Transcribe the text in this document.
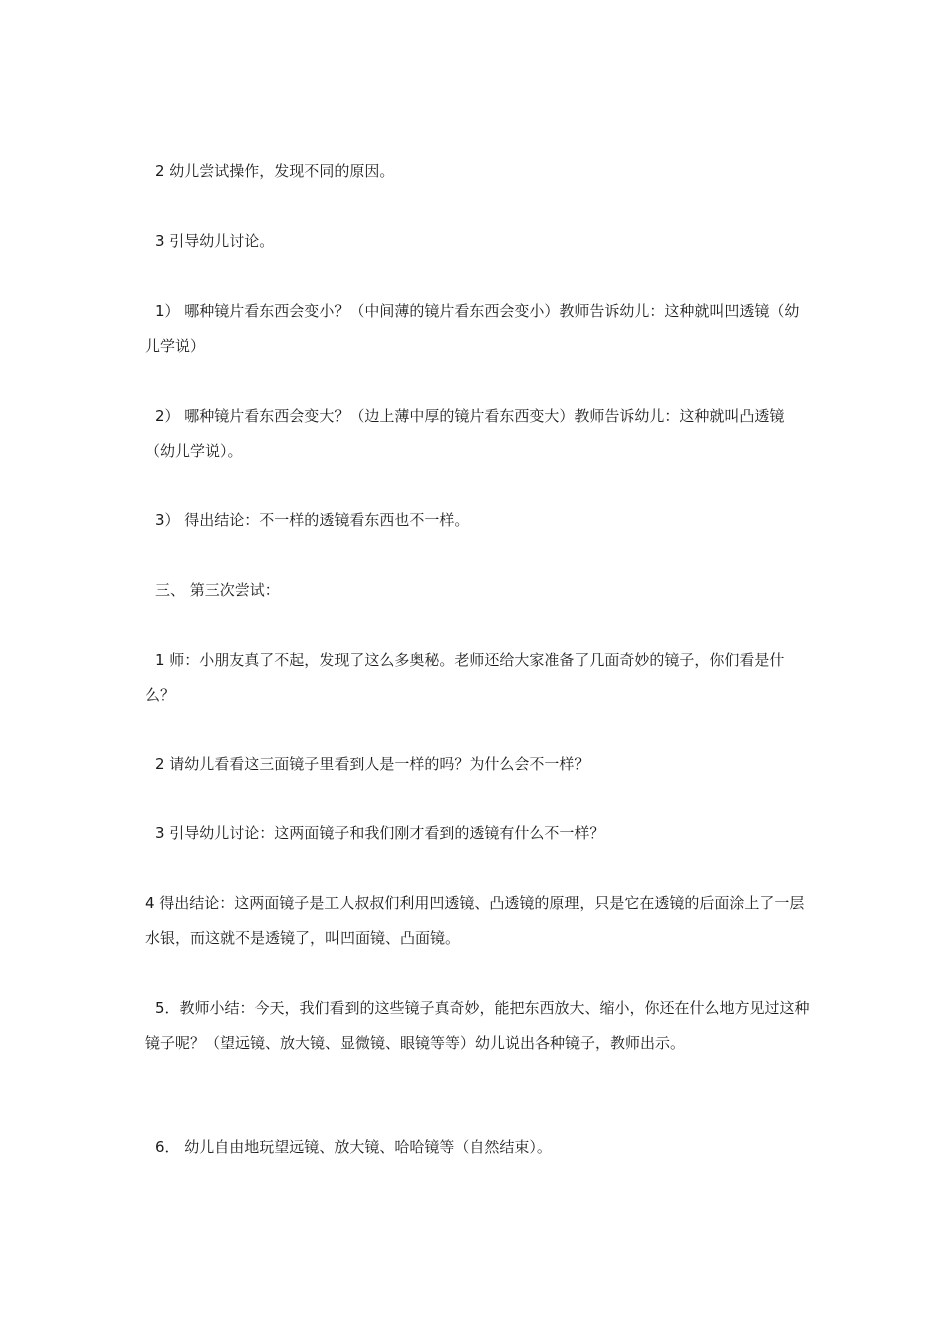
2 幼儿尝试操作，发现不同的原因。

3 引导幼儿讨论。

1） 哪种镜片看东西会变小？（中间薄的镜片看东西会变小）教师告诉幼儿：这种就叫凹透镜（幼儿学说）

2） 哪种镜片看东西会变大？（边上薄中厚的镜片看东西变大）教师告诉幼儿：这种就叫凸透镜（幼儿学说）。

3） 得出结论：不一样的透镜看东西也不一样。

三、 第三次尝试：

1 师：小朋友真了不起，发现了这么多奥秘。老师还给大家准备了几面奇妙的镜子，你们看是什么？

2 请幼儿看看这三面镜子里看到人是一样的吗？为什么会不一样？

3 引导幼儿讨论：这两面镜子和我们刚才看到的透镜有什么不一样？

4 得出结论：这两面镜子是工人叔叔们利用凹透镜、凸透镜的原理，只是它在透镜的后面涂上了一层水银，而这就不是透镜了，叫凹面镜、凸面镜。

5．教师小结：今天，我们看到的这些镜子真奇妙，能把东西放大、缩小，你还在什么地方见过这种镜子呢？（望远镜、放大镜、显微镜、眼镜等等）幼儿说出各种镜子，教师出示。

6． 幼儿自由地玩望远镜、放大镜、哈哈镜等（自然结束）。
